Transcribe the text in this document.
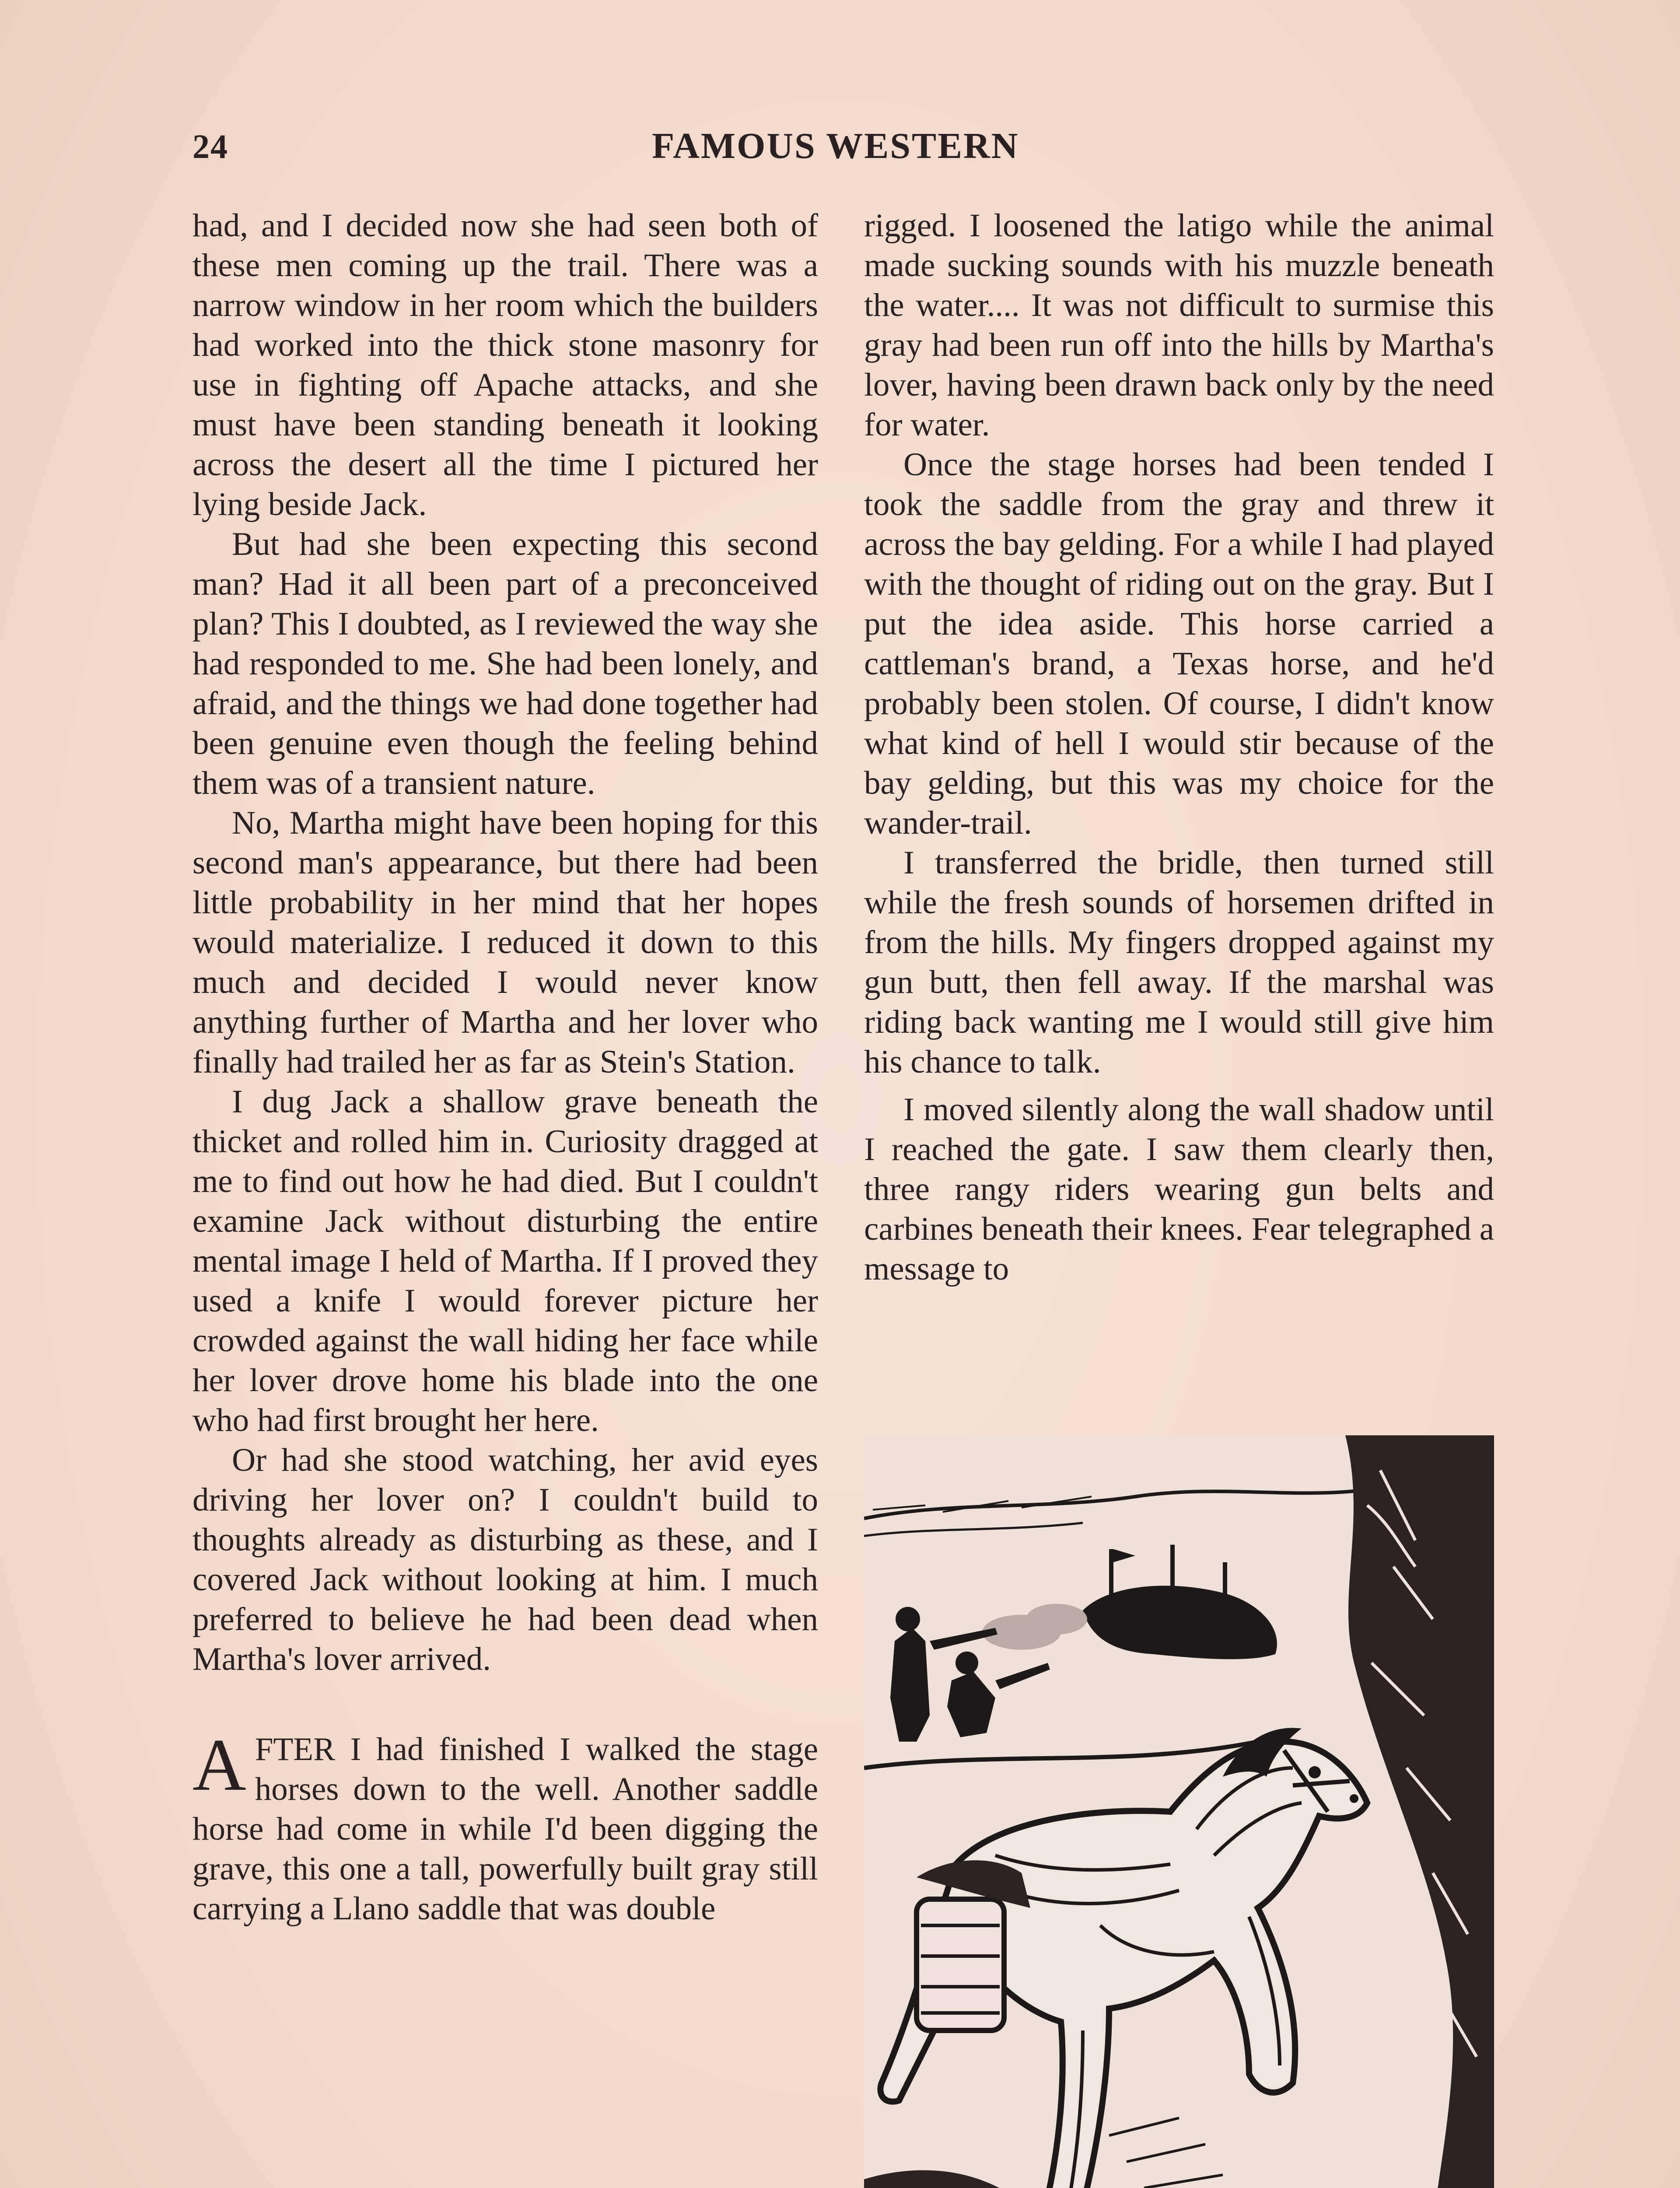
24	FAMOUS WESTERN

had, and I decided now she had seen both of these men coming up the trail. There was a narrow window in her room which the builders had worked into the thick stone masonry for use in fighting off Apache attacks, and she must have been standing beneath it looking across the desert all the time I pictured her lying beside Jack.

But had she been expecting this second man? Had it all been part of a preconceived plan? This I doubted, as I reviewed the way she had responded to me. She had been lonely, and afraid, and the things we had done together had been genuine even though the feeling behind them was of a transient nature.

No, Martha might have been hoping for this second man's appearance, but there had been little probability in her mind that her hopes would materialize. I reduced it down to this much and decided I would never know anything further of Martha and her lover who finally had trailed her as far as Stein's Station.

I dug Jack a shallow grave beneath the thicket and rolled him in. Curiosity dragged at me to find out how he had died. But I couldn't examine Jack without disturbing the entire mental image I held of Martha. If I proved they used a knife I would forever picture her crowded against the wall hiding her face while her lover drove home his blade into the one who had first brought her here.

Or had she stood watching, her avid eyes driving her lover on? I couldn't build to thoughts already as disturbing as these, and I covered Jack without looking at him. I much preferred to believe he had been dead when Martha's lover arrived.

AFTER I had finished I walked the stage horses down to the well. Another saddle horse had come in while I'd been digging the grave, this one a tall, powerfully built gray still carrying a Llano saddle that was double

rigged. I loosened the latigo while the animal made sucking sounds with his muzzle beneath the water.... It was not difficult to surmise this gray had been run off into the hills by Martha's lover, having been drawn back only by the need for water.

Once the stage horses had been tended I took the saddle from the gray and threw it across the bay gelding. For a while I had played with the thought of riding out on the gray. But I put the idea aside. This horse carried a cattleman's brand, a Texas horse, and he'd probably been stolen. Of course, I didn't know what kind of hell I would stir because of the bay gelding, but this was my choice for the wander-trail.

I transferred the bridle, then turned still while the fresh sounds of horsemen drifted in from the hills. My fingers dropped against my gun butt, then fell away. If the marshal was riding back wanting me I would still give him his chance to talk.

I moved silently along the wall shadow until I reached the gate. I saw them clearly then, three rangy riders wearing gun belts and carbines beneath their knees. Fear telegraphed a message to
